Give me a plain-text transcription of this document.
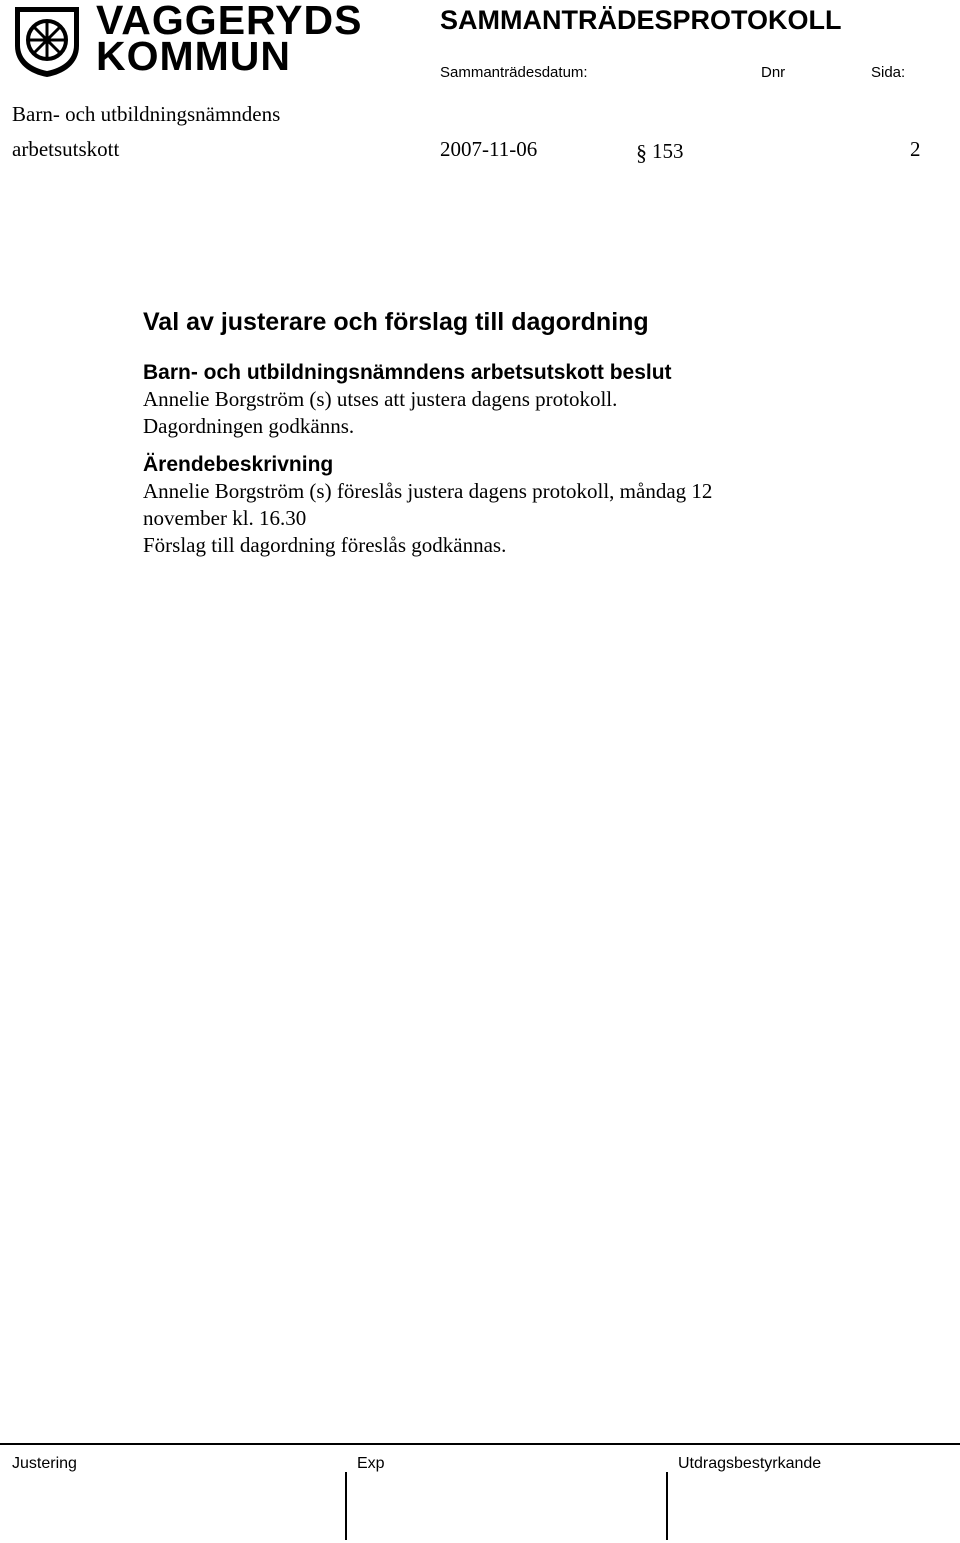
VAGGERYDS
KOMMUN
SAMMANTRÄDESPROTOKOLL
Sammanträdesdatum:	Dnr	Sida:
Barn- och utbildningsnämndens
arbetsutskott	2007-11-06	§ 153	2
Val av justerare och förslag till dagordning
Barn- och utbildningsnämndens arbetsutskott beslut
Annelie Borgström (s) utses att justera dagens protokoll.
Dagordningen godkänns.
Ärendebeskrivning
Annelie Borgström (s) föreslås justera dagens protokoll, måndag 12
november kl. 16.30
Förslag till dagordning föreslås godkännas.
Justering	Exp	Utdragsbestyrkande
